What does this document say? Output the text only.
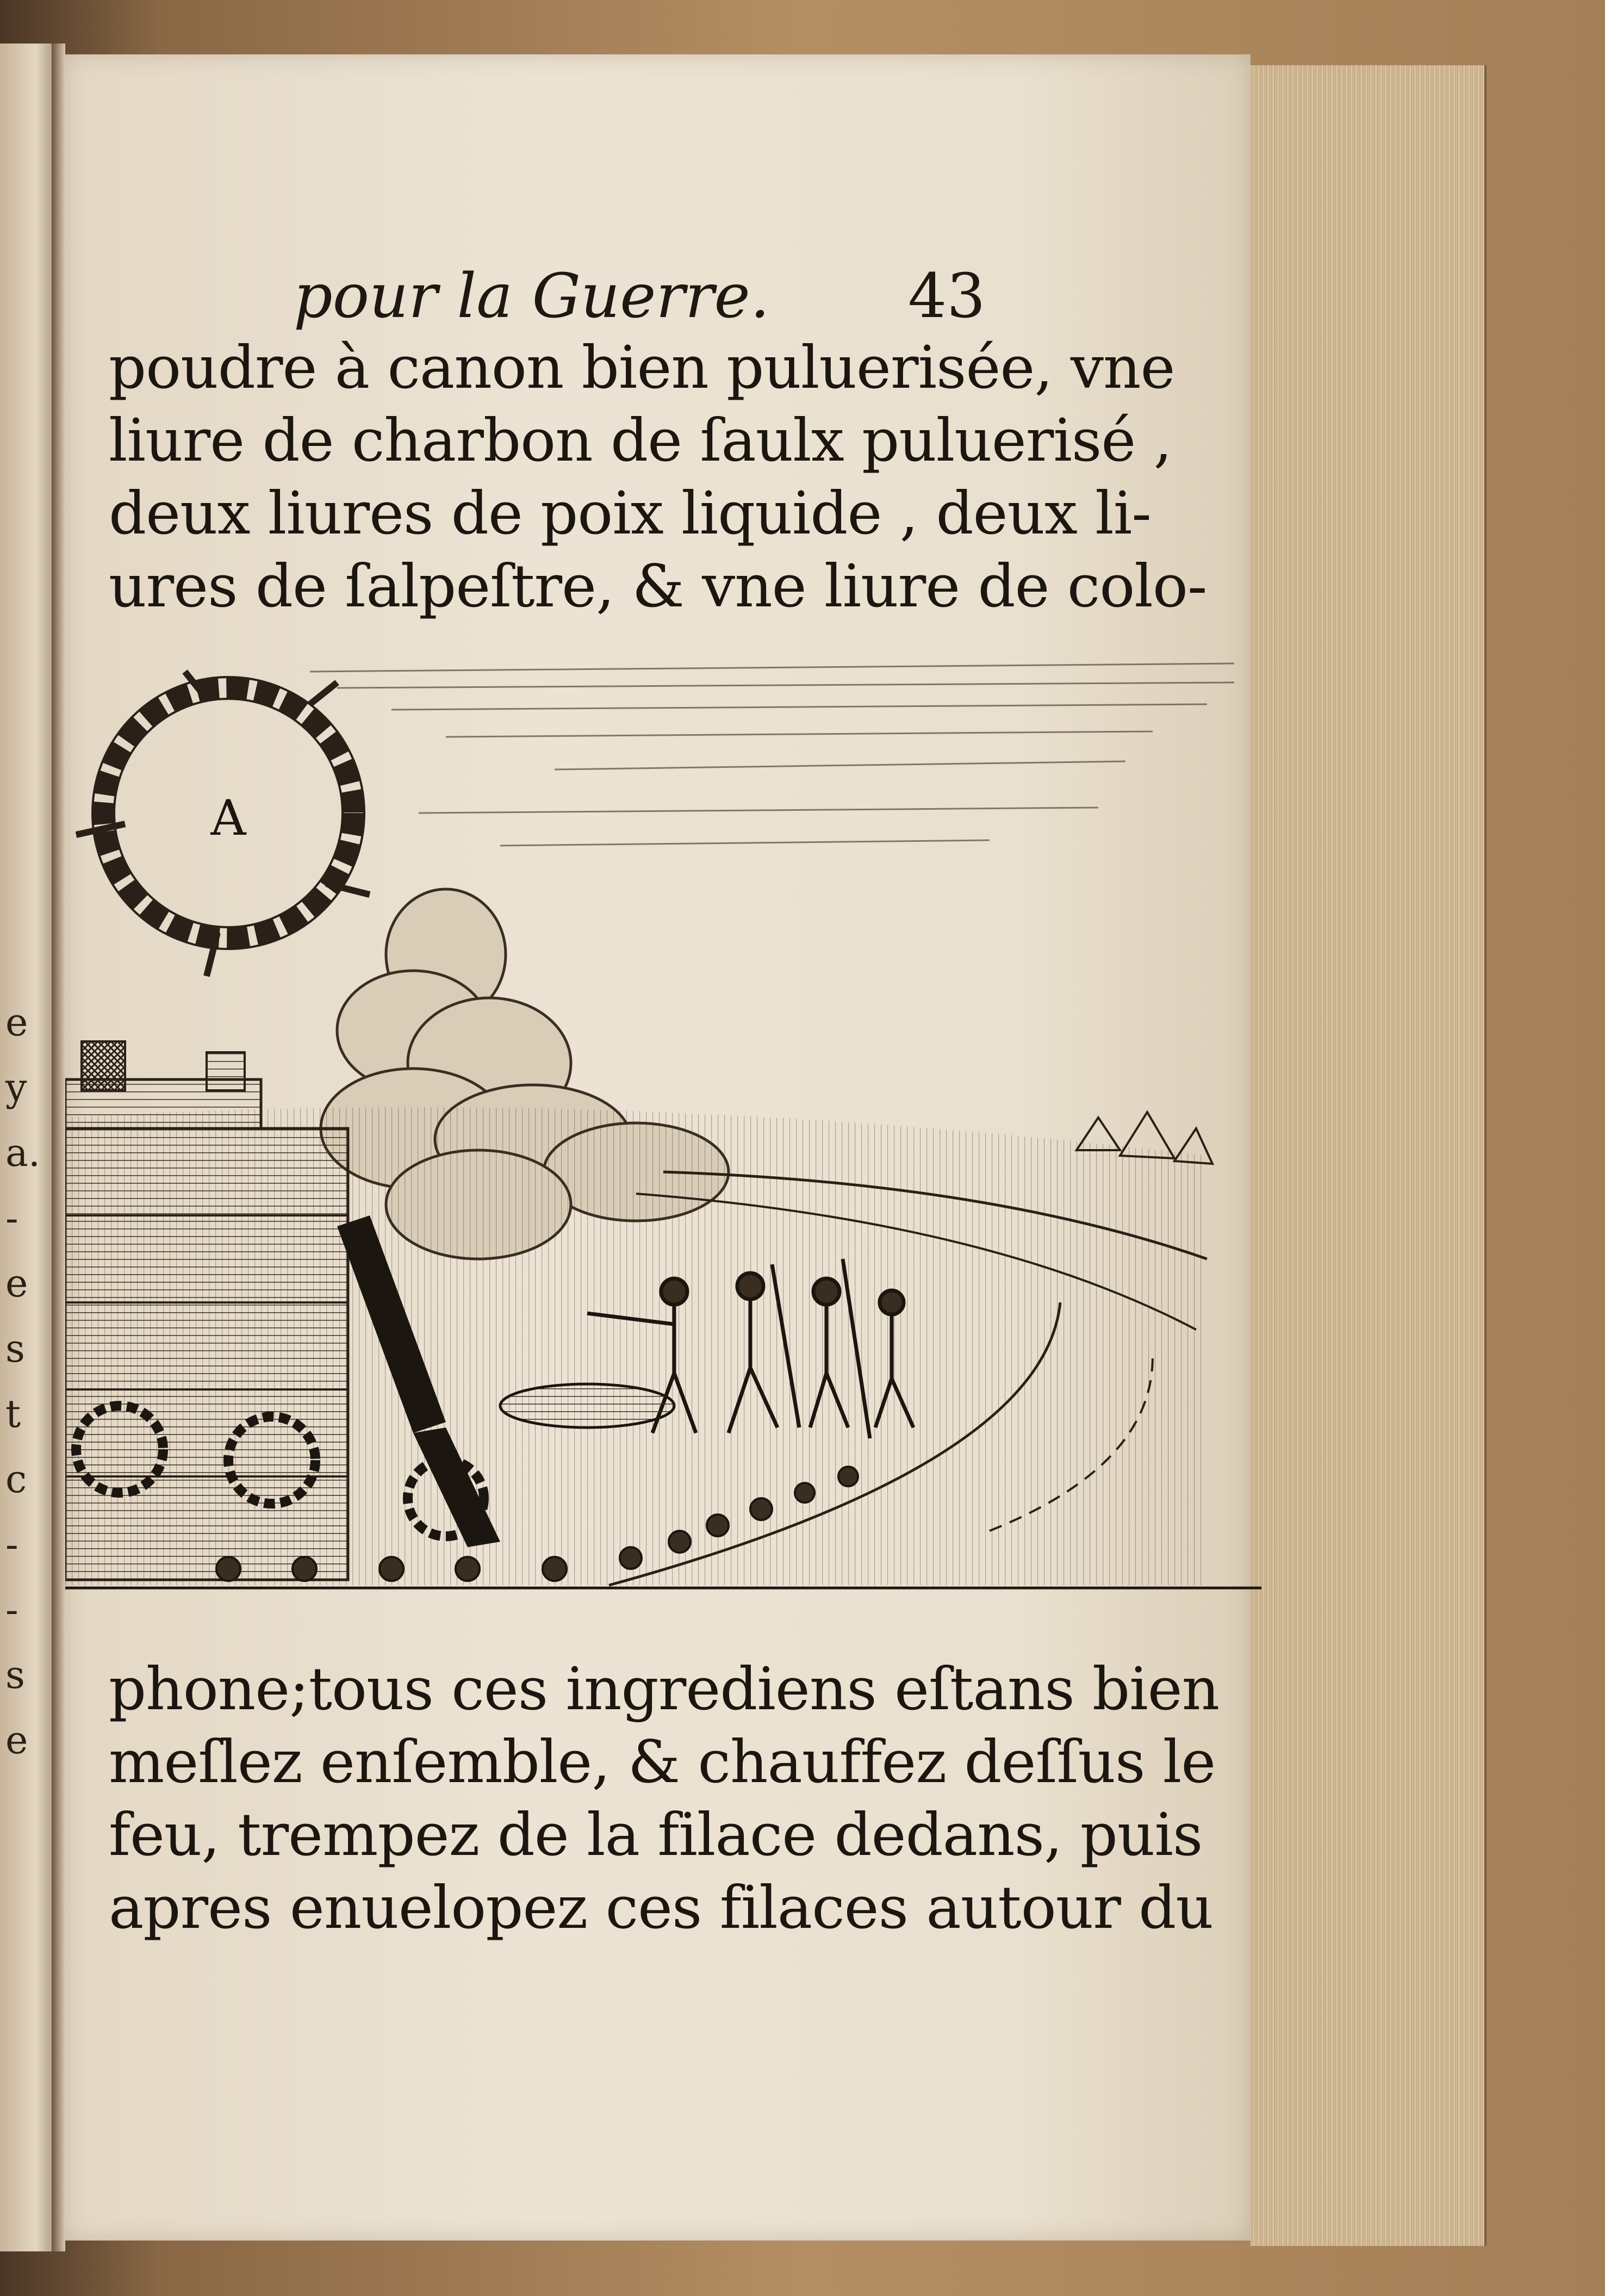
e
y
a.
-
e
s
t
c
-
-
s
e
pour la Guerre. 43
poudre à canon bien puluerisée, vne
liure de charbon de ſaulx puluerisé ,
deux liures de poix liquide , deux li-
ures de ſalpeſtre, & vne liure de colo-
A
phone;tous ces ingrediens eſtans bien
meſlez enſemble, & chauffez deſſus le
feu, trempez de la filace dedans, puis
apres enuelopez ces filaces autour du
